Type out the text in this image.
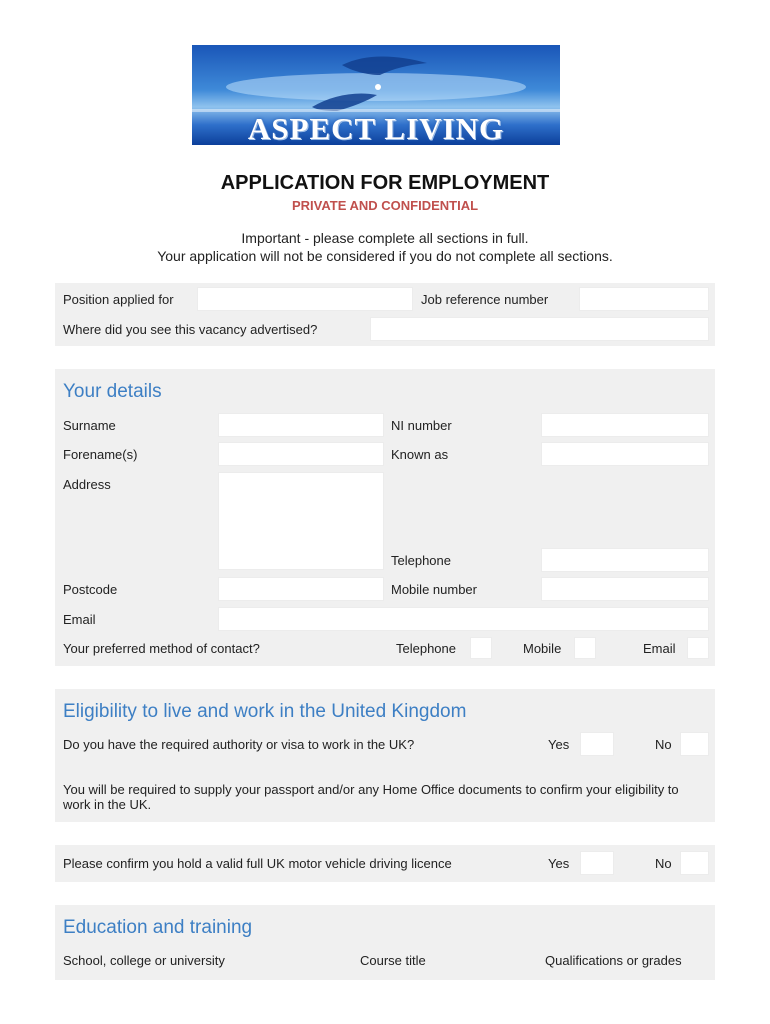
ASPECT LIVING
APPLICATION FOR EMPLOYMENT
PRIVATE AND CONFIDENTIAL
Important - please complete all sections in full.
Your application will not be considered if you do not complete all sections.
Position applied for	Job reference number
Where did you see this vacancy advertised?
Your details
Surname	NI number
Forename(s)	Known as
Address
Telephone
Postcode	Mobile number
Email
Your preferred method of contact?	Telephone	Mobile	Email
Eligibility to live and work in the United Kingdom
Do you have the required authority or visa to work in the UK?	Yes	No
You will be required to supply your passport and/or any Home Office documents to confirm your eligibility to work in the UK.
Please confirm you hold a valid full UK motor vehicle driving licence	Yes	No
Education and training
School, college or university	Course title	Qualifications or grades
